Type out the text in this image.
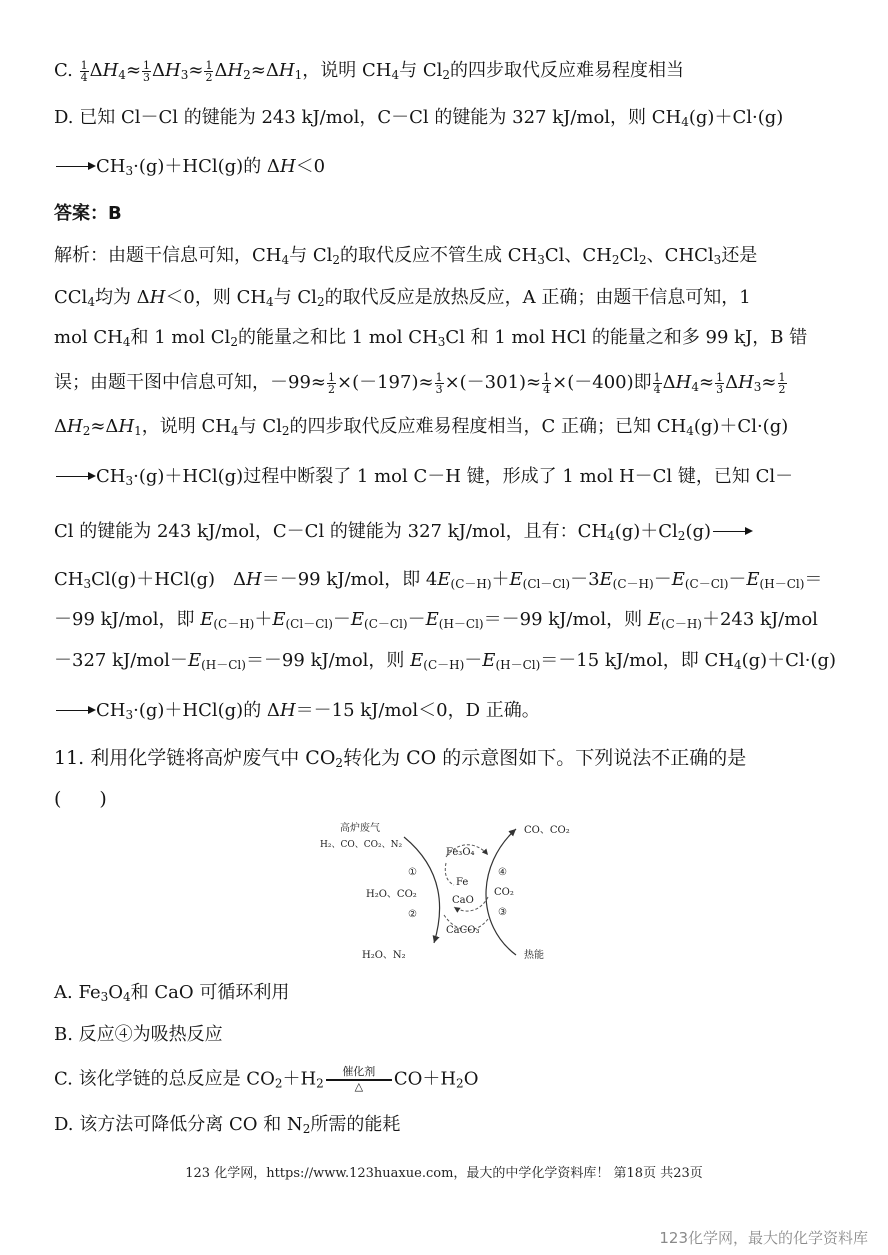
C. $\frac{1}{4} \Delta H_4\approx \frac{1}{3} \Delta H_3\approx \frac{1}{2} \Delta H_2\approx\Delta H_1$，说明 $CH_4$与 $Cl_2$的四步取代反应难易程度相当
D. 已知 Cl－Cl 的键能为 243 kJ/mol，C－Cl 的键能为 327 kJ/mol，则 $CH_4(g)+Cl\cdot(g)$
→ $CH_3\cdot(g)+HCl(g)$的 ΔH＜0
答案：B
解析：由题干信息可知，$CH_4$与 $Cl_2$的取代反应不管生成 $CH_3Cl$、$CH_2Cl_2$、CHCl$_3$还是
CCl$_4$均为 ΔH＜0，则 $CH_4$与 $Cl_2$的取代反应是放热反应，A 正确；由题干信息可知，1
mol $CH_4$和 1 mol $Cl_2$的能量之和比 1 mol $CH_3Cl$ 和 1 mol HCl 的能量之和多 99 kJ，B 错
误；由题干图中信息可知，$-99\approx \frac{1}{2} \times(-197)\approx \frac{1}{3} \times(-301)\approx \frac{1}{4} \times(-400)$即 $\frac{1}{4} \Delta H_4\approx \frac{1}{3} \Delta H_3\approx \frac{1}{2}$
$\Delta H_2\approx\Delta H_1$，说明 $CH_4$与 $Cl_2$的四步取代反应难易程度相当，C 正确；已知 $CH_4(g)+Cl\cdot(g)$
→ $CH_3\cdot(g)+HCl(g)$过程中断裂了 1 mol C－H 键，形成了 1 mol H－Cl 键，已知 Cl－
Cl 的键能为 243 kJ/mol，C－Cl 的键能为 327 kJ/mol，且有：$CH_4(g)+Cl_2(g)$ →
$CH_3Cl(g)+HCl(g)$　ΔH＝－99 kJ/mol，即 $4E_{(C-H)}+E_{(Cl-Cl)}-3E_{(C-H)}-E_{(C-Cl)}-E_{(H-Cl)}=$
－99 kJ/mol，即 $E_{(C-H)}+E_{(Cl-Cl)}-E_{(C-Cl)}-E_{(H-Cl)}=-99$ kJ/mol，则 $E_{(C-H)}+243$ kJ/mol
－327 $kJ/mol-E_{(H-Cl)}=-99$ kJ/mol，则 $E_{(C-H)}-E_{(H-Cl)}=-15$ kJ/mol，即 $CH_4(g)+Cl\cdot(g)$
→ $CH_3\cdot(g)+HCl(g)$的 ΔH＝－15 kJ/mol＜0，D 正确。
11. 利用化学链将高炉废气中 $CO_2$转化为 CO 的示意图如下。下列说法不正确的是
(　　)
高炉废气
H₂、CO、CO₂、N₂
CO、CO₂
Fe₃O₄
Fe
CaO
CaCO₃
H₂O、CO₂	CO₂
H₂O、N₂	热能
①
②	③
④
A. $Fe_3O_4$和 CaO 可循环利用
B. 反应④为吸热反应
C. 该化学链的总反应是 $CO_2+H_2$
催化剂
△	$CO+H_2O$
D. 该方法可降低分离 CO 和 $N_2$所需的能耗
123 化学网，https://www.123huaxue.com，最大的中学化学资料库！ 第18页 共23页
123化学网，最大的化学资料库
